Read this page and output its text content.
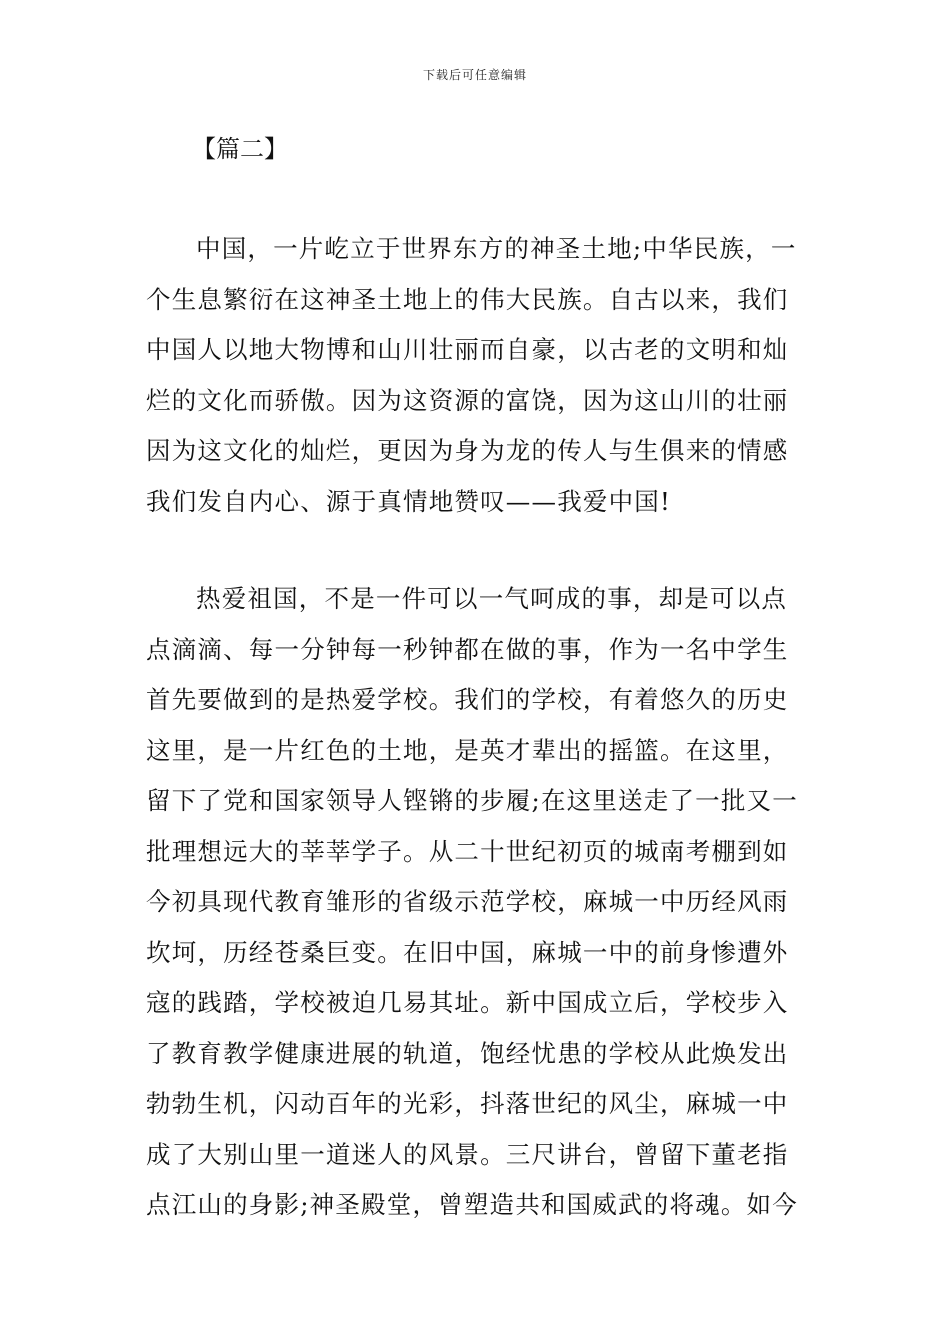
下载后可任意编辑
【篇二】
中国，一片屹立于世界东方的神圣土地;中华民族，一
个生息繁衍在这神圣土地上的伟大民族。自古以来，我们
中国人以地大物博和山川壮丽而自豪，以古老的文明和灿
烂的文化而骄傲。因为这资源的富饶，因为这山川的壮丽
因为这文化的灿烂，更因为身为龙的传人与生俱来的情感
我们发自内心、源于真情地赞叹——我爱中国!
热爱祖国，不是一件可以一气呵成的事，却是可以点
点滴滴、每一分钟每一秒钟都在做的事，作为一名中学生
首先要做到的是热爱学校。我们的学校，有着悠久的历史
这里，是一片红色的土地，是英才辈出的摇篮。在这里，
留下了党和国家领导人铿锵的步履;在这里送走了一批又一
批理想远大的莘莘学子。从二十世纪初页的城南考棚到如
今初具现代教育雏形的省级示范学校，麻城一中历经风雨
坎坷，历经苍桑巨变。在旧中国，麻城一中的前身惨遭外
寇的践踏，学校被迫几易其址。新中国成立后，学校步入
了教育教学健康进展的轨道，饱经忧患的学校从此焕发出
勃勃生机，闪动百年的光彩，抖落世纪的风尘，麻城一中
成了大别山里一道迷人的风景。三尺讲台，曾留下董老指
点江山的身影;神圣殿堂，曾塑造共和国威武的将魂。如今
